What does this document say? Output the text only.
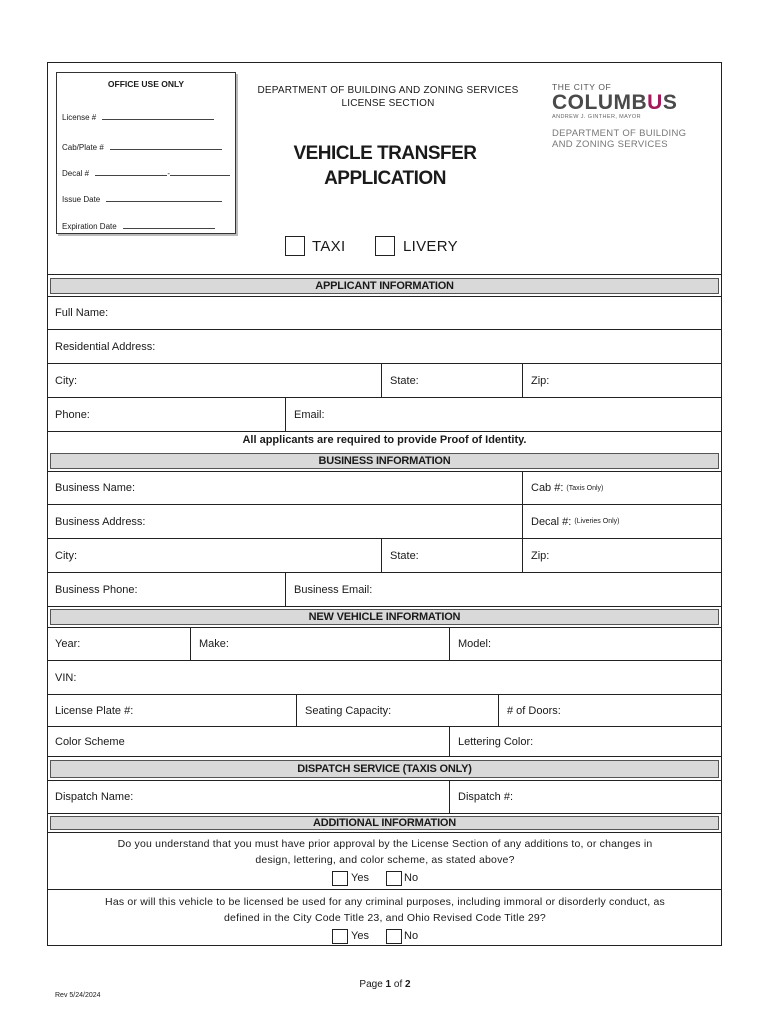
OFFICE USE ONLY
License #
Cab/Plate #
Decal #	-
Issue Date
Expiration Date
DEPARTMENT OF BUILDING AND ZONING SERVICES
LICENSE SECTION
VEHICLE TRANSFER
APPLICATION
THE CITY OF
COLUMBUS
ANDREW J. GINTHER, MAYOR
DEPARTMENT OF BUILDING
AND ZONING SERVICES
TAXI	LIVERY
APPLICANT INFORMATION
Full Name:
Residential Address:
City:	State:	Zip:
Phone:	Email:
All applicants are required to provide Proof of Identity.
BUSINESS INFORMATION
Business Name:	Cab #: (Taxis Only)
Business Address:	Decal #: (Liveries Only)
City:	State:	Zip:
Business Phone:	Business Email:
NEW VEHICLE INFORMATION
Year:	Make:	Model:
VIN:
License Plate #:	Seating Capacity:	# of Doors:
Color Scheme	Lettering Color:
DISPATCH SERVICE (TAXIS ONLY)
Dispatch Name:	Dispatch #:
ADDITIONAL INFORMATION
Do you understand that you must have prior approval by the License Section of any additions to, or changes in
design, lettering, and color scheme, as stated above?
Yes	No
Has or will this vehicle to be licensed be used for any criminal purposes, including immoral or disorderly conduct, as
defined in the City Code Title 23, and Ohio Revised Code Title 29?
Yes	No
Page 1 of 2
Rev 5/24/2024
